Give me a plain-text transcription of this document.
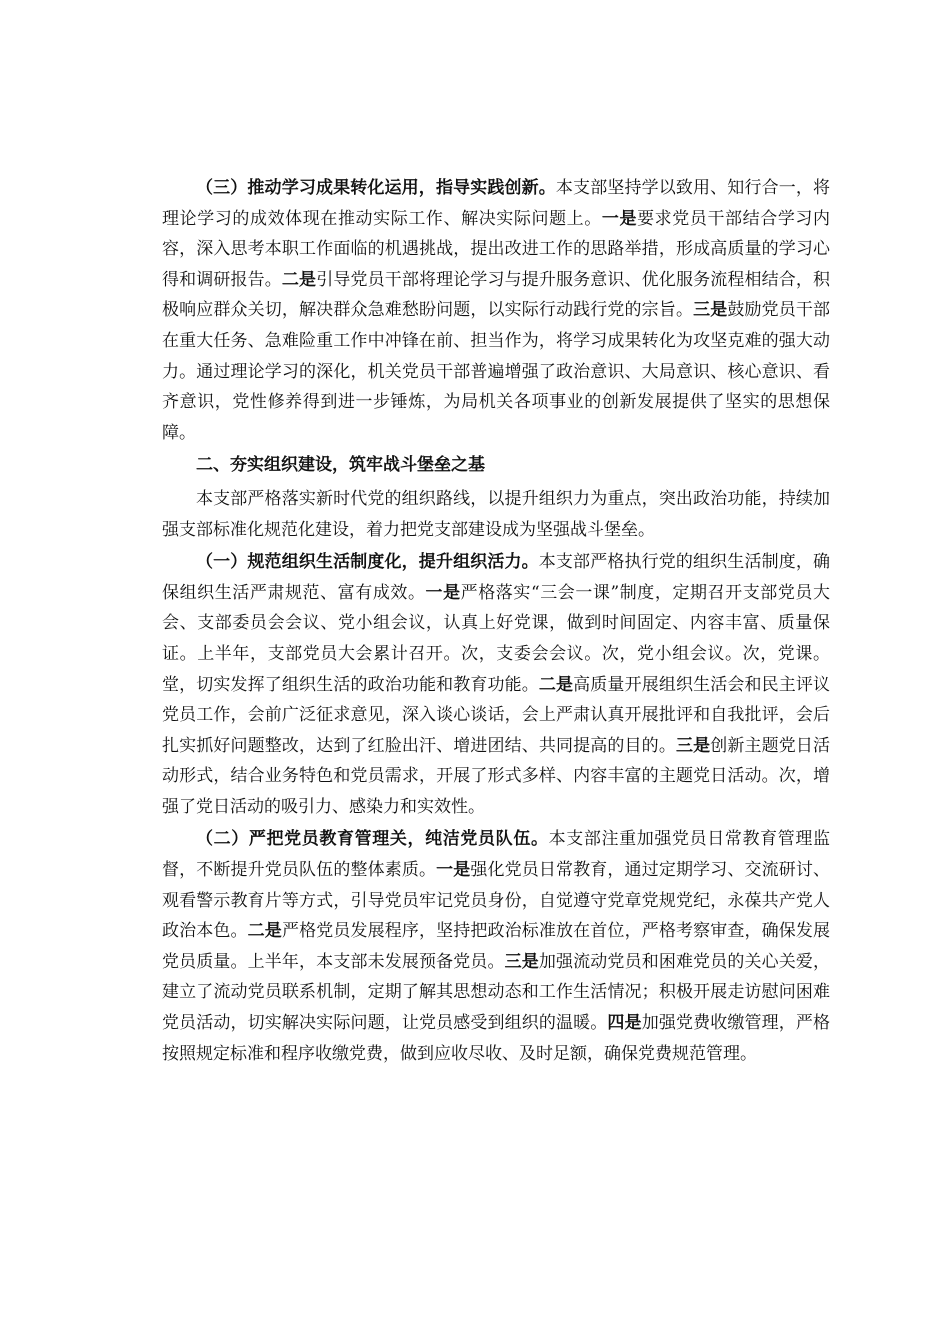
（三）推动学习成果转化运用，指导实践创新。本支部坚持学以致用、知行合一，将理论学习的成效体现在推动实际工作、解决实际问题上。一是要求党员干部结合学习内容，深入思考本职工作面临的机遇挑战，提出改进工作的思路举措，形成高质量的学习心得和调研报告。二是引导党员干部将理论学习与提升服务意识、优化服务流程相结合，积极响应群众关切，解决群众急难愁盼问题，以实际行动践行党的宗旨。三是鼓励党员干部在重大任务、急难险重工作中冲锋在前、担当作为，将学习成果转化为攻坚克难的强大动力。通过理论学习的深化，机关党员干部普遍增强了政治意识、大局意识、核心意识、看齐意识，党性修养得到进一步锤炼，为局机关各项事业的创新发展提供了坚实的思想保障。

二、夯实组织建设，筑牢战斗堡垒之基

本支部严格落实新时代党的组织路线，以提升组织力为重点，突出政治功能，持续加强支部标准化规范化建设，着力把党支部建设成为坚强战斗堡垒。

（一）规范组织生活制度化，提升组织活力。本支部严格执行党的组织生活制度，确保组织生活严肃规范、富有成效。一是严格落实“三会一课”制度，定期召开支部党员大会、支部委员会会议、党小组会议，认真上好党课，做到时间固定、内容丰富、质量保证。上半年，支部党员大会累计召开。次，支委会会议。次，党小组会议。次，党课。堂，切实发挥了组织生活的政治功能和教育功能。二是高质量开展组织生活会和民主评议党员工作，会前广泛征求意见，深入谈心谈话，会上严肃认真开展批评和自我批评，会后扎实抓好问题整改，达到了红脸出汗、增进团结、共同提高的目的。三是创新主题党日活动形式，结合业务特色和党员需求，开展了形式多样、内容丰富的主题党日活动。次，增强了党日活动的吸引力、感染力和实效性。

（二）严把党员教育管理关，纯洁党员队伍。本支部注重加强党员日常教育管理监督，不断提升党员队伍的整体素质。一是强化党员日常教育，通过定期学习、交流研讨、观看警示教育片等方式，引导党员牢记党员身份，自觉遵守党章党规党纪，永葆共产党人政治本色。二是严格党员发展程序，坚持把政治标准放在首位，严格考察审查，确保发展党员质量。上半年，本支部未发展预备党员。三是加强流动党员和困难党员的关心关爱，建立了流动党员联系机制，定期了解其思想动态和工作生活情况；积极开展走访慰问困难党员活动，切实解决实际问题，让党员感受到组织的温暖。四是加强党费收缴管理，严格按照规定标准和程序收缴党费，做到应收尽收、及时足额，确保党费规范管理。
